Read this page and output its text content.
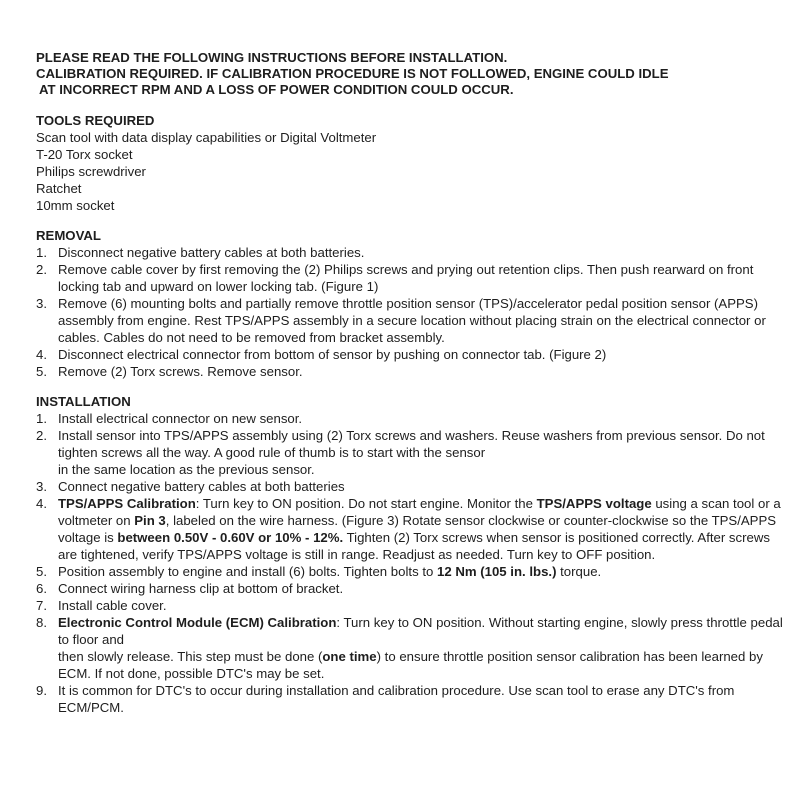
PLEASE READ THE FOLLOWING INSTRUCTIONS BEFORE INSTALLATION.
CALIBRATION REQUIRED. IF CALIBRATION PROCEDURE IS NOT FOLLOWED, ENGINE COULD IDLE
AT INCORRECT RPM AND A LOSS OF POWER CONDITION COULD OCCUR.
TOOLS REQUIRED
Scan tool with data display capabilities or Digital Voltmeter
T-20 Torx socket
Philips screwdriver
Ratchet
10mm socket
REMOVAL
1. Disconnect negative battery cables at both batteries.
2. Remove cable cover by first removing the (2) Philips screws and prying out retention clips. Then push rearward on front locking tab and upward on lower locking tab. (Figure 1)
3. Remove (6) mounting bolts and partially remove throttle position sensor (TPS)/accelerator pedal position sensor (APPS) assembly from engine. Rest TPS/APPS assembly in a secure location without placing strain on the electrical connector or cables. Cables do not need to be removed from bracket assembly.
4. Disconnect electrical connector from bottom of sensor by pushing on connector tab. (Figure 2)
5. Remove (2) Torx screws. Remove sensor.
INSTALLATION
1. Install electrical connector on new sensor.
2. Install sensor into TPS/APPS assembly using (2) Torx screws and washers. Reuse washers from previous sensor. Do not tighten screws all the way. A good rule of thumb is to start with the sensor
in the same location as the previous sensor.
3. Connect negative battery cables at both batteries
4. TPS/APPS Calibration: Turn key to ON position. Do not start engine. Monitor the TPS/APPS voltage using a scan tool or a voltmeter on Pin 3, labeled on the wire harness. (Figure 3) Rotate sensor clockwise or counter-clockwise so the TPS/APPS voltage is between 0.50V - 0.60V or 10% - 12%. Tighten (2) Torx screws when sensor is positioned correctly. After screws are tightened, verify TPS/APPS voltage is still in range. Readjust as needed. Turn key to OFF position.
5. Position assembly to engine and install (6) bolts. Tighten bolts to 12 Nm (105 in. lbs.) torque.
6. Connect wiring harness clip at bottom of bracket.
7. Install cable cover.
8. Electronic Control Module (ECM) Calibration: Turn key to ON position. Without starting engine, slowly press throttle pedal to floor and
then slowly release. This step must be done (one time) to ensure throttle position sensor calibration has been learned by ECM. If not done, possible DTC's may be set.
9. It is common for DTC's to occur during installation and calibration procedure. Use scan tool to erase any DTC's from ECM/PCM.
